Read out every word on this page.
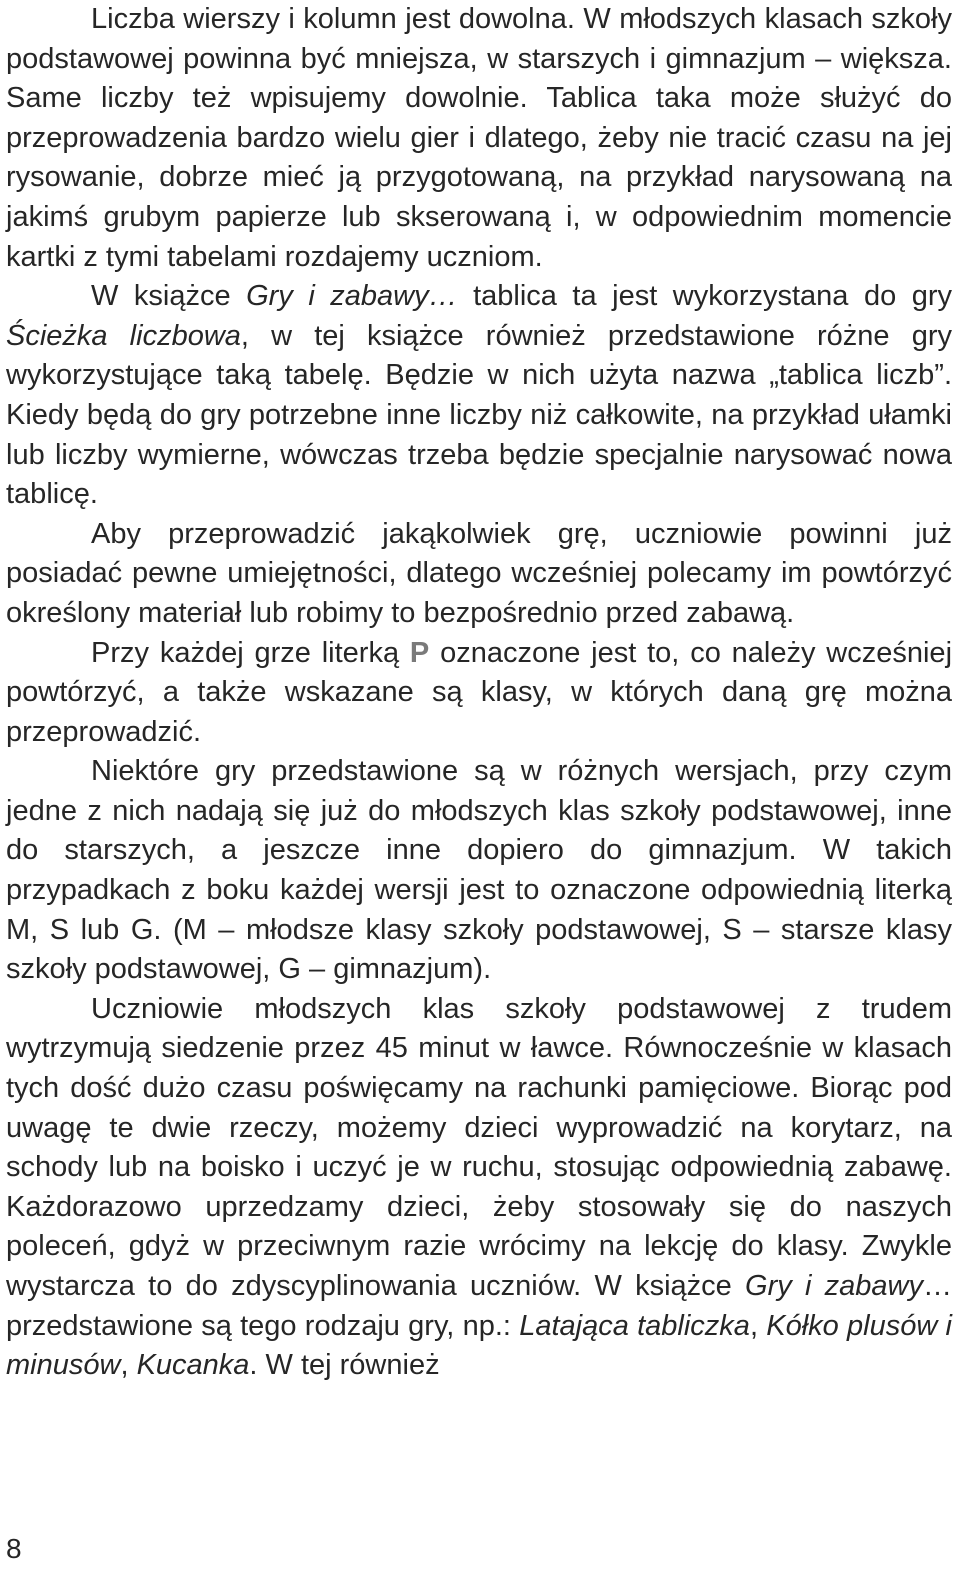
Liczba wierszy i kolumn jest dowolna. W młodszych klasach szkoły podstawowej powinna być mniejsza, w starszych i gimnazjum – większa. Same liczby też wpisujemy dowolnie. Tablica taka może służyć do przeprowadzenia bardzo wielu gier i dlatego, żeby nie tracić czasu na jej rysowanie, dobrze mieć ją przygotowaną, na przykład narysowaną na jakimś grubym papierze lub skserowaną i, w odpowiednim momencie kartki z tymi tabelami rozdajemy uczniom.

W książce Gry i zabawy… tablica ta jest wykorzystana do gry Ścieżka liczbowa, w tej książce również przedstawione różne gry wykorzystujące taką tabelę. Będzie w nich użyta nazwa „tablica liczb”. Kiedy będą do gry potrzebne inne liczby niż całkowite, na przykład ułamki lub liczby wymierne, wówczas trzeba będzie specjalnie narysować nowa tablicę.

Aby przeprowadzić jakąkolwiek grę, uczniowie powinni już posiadać pewne umiejętności, dlatego wcześniej polecamy im powtórzyć określony materiał lub robimy to bezpośrednio przed zabawą.

Przy każdej grze literką P oznaczone jest to, co należy wcześniej powtórzyć, a także wskazane są klasy, w których daną grę można przeprowadzić.

Niektóre gry przedstawione są w różnych wersjach, przy czym jedne z nich nadają się już do młodszych klas szkoły podstawowej, inne do starszych, a jeszcze inne dopiero do gimnazjum. W takich przypadkach z boku każdej wersji jest to oznaczone odpowiednią literką M, S lub G. (M – młodsze klasy szkoły podstawowej, S – starsze klasy szkoły podstawowej, G – gimnazjum).

Uczniowie młodszych klas szkoły podstawowej z trudem wytrzymują siedzenie przez 45 minut w ławce. Równocześnie w klasach tych dość dużo czasu poświęcamy na rachunki pamięciowe. Biorąc pod uwagę te dwie rzeczy, możemy dzieci wyprowadzić na korytarz, na schody lub na boisko i uczyć je w ruchu, stosując odpowiednią zabawę. Każdorazowo uprzedzamy dzieci, żeby stosowały się do naszych poleceń, gdyż w przeciwnym razie wrócimy na lekcję do klasy. Zwykle wystarcza to do zdyscyplinowania uczniów. W książce Gry i zabawy… przedstawione są tego rodzaju gry, np.: Latająca tabliczka, Kółko plusów i minusów, Kucanka. W tej również

8
